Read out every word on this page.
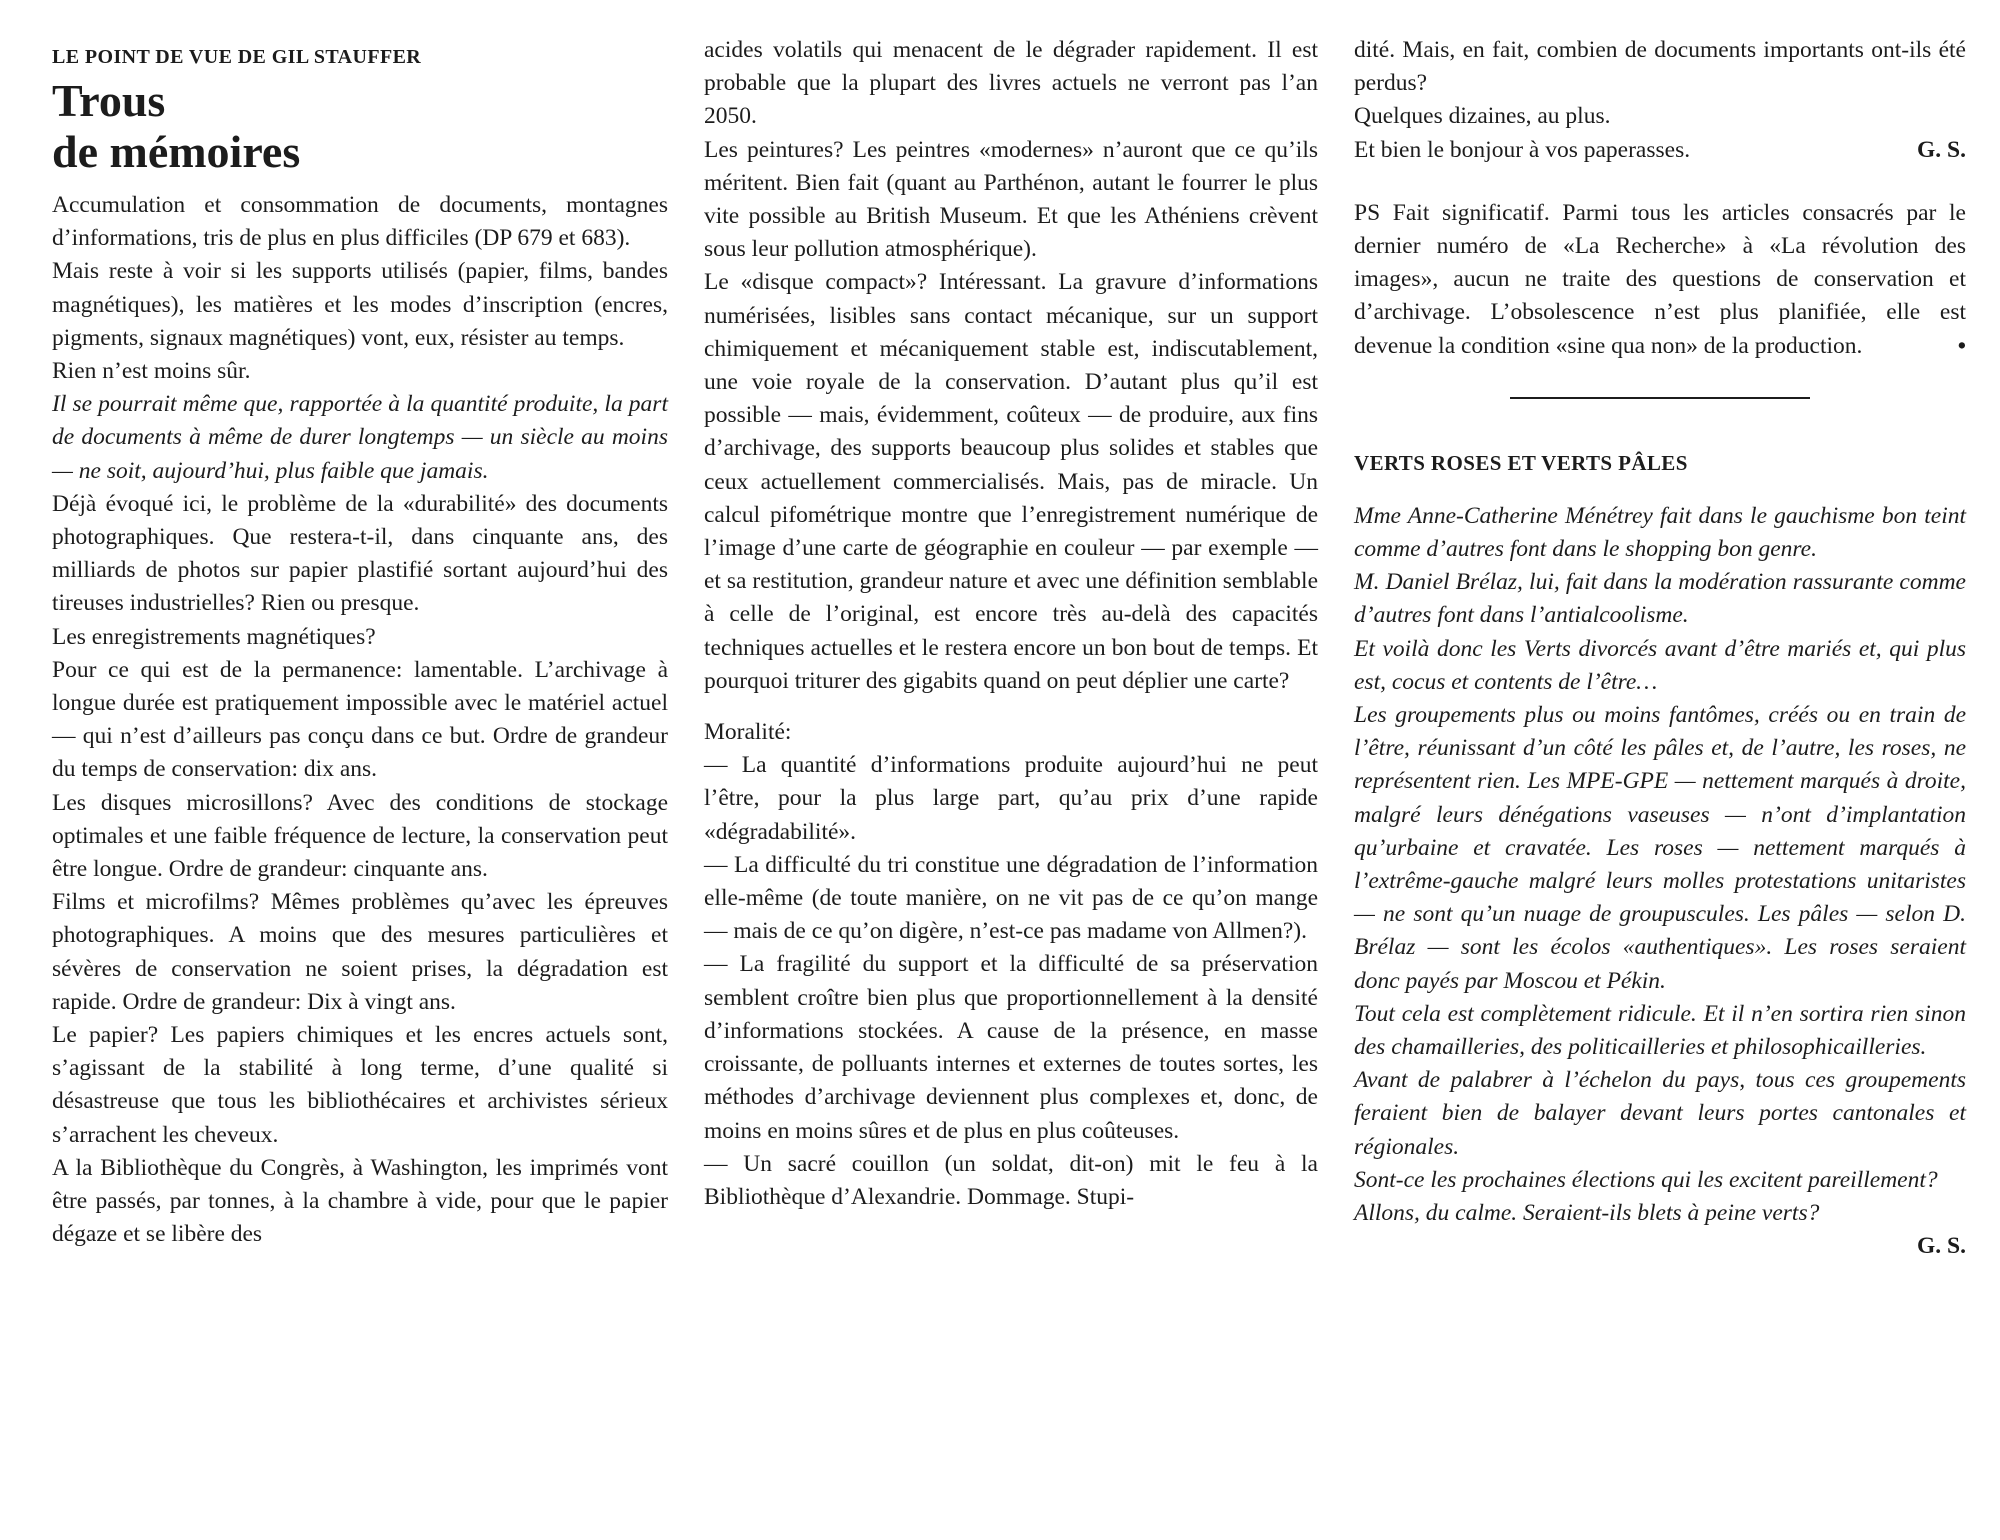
LE POINT DE VUE DE GIL STAUFFER
Trous
de mémoires

Accumulation et consommation de documents, montagnes d’informations, tris de plus en plus difficiles (DP 679 et 683).

Mais reste à voir si les supports utilisés (papier, films, bandes magnétiques), les matières et les modes d’inscription (encres, pigments, signaux magnétiques) vont, eux, résister au temps.

Rien n’est moins sûr.

Il se pourrait même que, rapportée à la quantité produite, la part de documents à même de durer longtemps — un siècle au moins — ne soit, aujourd’hui, plus faible que jamais.

Déjà évoqué ici, le problème de la «durabilité» des documents photographiques. Que restera-t-il, dans cinquante ans, des milliards de photos sur papier plastifié sortant aujourd’hui des tireuses industrielles? Rien ou presque.

Les enregistrements magnétiques?

Pour ce qui est de la permanence: lamentable. L’archivage à longue durée est pratiquement impossible avec le matériel actuel — qui n’est d’ailleurs pas conçu dans ce but. Ordre de grandeur du temps de conservation: dix ans.

Les disques microsillons? Avec des conditions de stockage optimales et une faible fréquence de lecture, la conservation peut être longue. Ordre de grandeur: cinquante ans.

Films et microfilms? Mêmes problèmes qu’avec les épreuves photographiques. A moins que des mesures particulières et sévères de conservation ne soient prises, la dégradation est rapide. Ordre de grandeur: Dix à vingt ans.

Le papier? Les papiers chimiques et les encres actuels sont, s’agissant de la stabilité à long terme, d’une qualité si désastreuse que tous les bibliothécaires et archivistes sérieux s’arrachent les cheveux.

A la Bibliothèque du Congrès, à Washington, les imprimés vont être passés, par tonnes, à la chambre à vide, pour que le papier dégaze et se libère des

acides volatils qui menacent de le dégrader rapidement. Il est probable que la plupart des livres actuels ne verront pas l’an 2050.

Les peintures? Les peintres «modernes» n’auront que ce qu’ils méritent. Bien fait (quant au Parthénon, autant le fourrer le plus vite possible au British Museum. Et que les Athéniens crèvent sous leur pollution atmosphérique).

Le «disque compact»? Intéressant. La gravure d’informations numérisées, lisibles sans contact mécanique, sur un support chimiquement et mécaniquement stable est, indiscutablement, une voie royale de la conservation. D’autant plus qu’il est possible — mais, évidemment, coûteux — de produire, aux fins d’archivage, des supports beaucoup plus solides et stables que ceux actuellement commercialisés. Mais, pas de miracle. Un calcul pifométrique montre que l’enregistrement numérique de l’image d’une carte de géographie en couleur — par exemple — et sa restitution, grandeur nature et avec une définition semblable à celle de l’original, est encore très au-delà des capacités techniques actuelles et le restera encore un bon bout de temps. Et pourquoi triturer des gigabits quand on peut déplier une carte?

Moralité:

— La quantité d’informations produite aujourd’hui ne peut l’être, pour la plus large part, qu’au prix d’une rapide «dégradabilité».

— La difficulté du tri constitue une dégradation de l’information elle-même (de toute manière, on ne vit pas de ce qu’on mange — mais de ce qu’on digère, n’est-ce pas madame von Allmen?).

— La fragilité du support et la difficulté de sa préservation semblent croître bien plus que proportionnellement à la densité d’informations stockées. A cause de la présence, en masse croissante, de polluants internes et externes de toutes sortes, les méthodes d’archivage deviennent plus complexes et, donc, de moins en moins sûres et de plus en plus coûteuses.

— Un sacré couillon (un soldat, dit-on) mit le feu à la Bibliothèque d’Alexandrie. Dommage. Stupi-

dité. Mais, en fait, combien de documents importants ont-ils été perdus?

Quelques dizaines, au plus.

Et bien le bonjour à vos paperasses.	G. S.

PS Fait significatif. Parmi tous les articles consacrés par le dernier numéro de «La Recherche» à «La révolution des images», aucun ne traite des questions de conservation et d’archivage. L’obsolescence n’est plus planifiée, elle est devenue la condition «sine qua non» de la production.	•

VERTS ROSES ET VERTS PÂLES

Mme Anne-Catherine Ménétrey fait dans le gauchisme bon teint comme d’autres font dans le shopping bon genre.

M. Daniel Brélaz, lui, fait dans la modération rassurante comme d’autres font dans l’antialcoolisme.

Et voilà donc les Verts divorcés avant d’être mariés et, qui plus est, cocus et contents de l’être…

Les groupements plus ou moins fantômes, créés ou en train de l’être, réunissant d’un côté les pâles et, de l’autre, les roses, ne représentent rien. Les MPE-GPE — nettement marqués à droite, malgré leurs dénégations vaseuses — n’ont d’implantation qu’urbaine et cravatée. Les roses — nettement marqués à l’extrême-gauche malgré leurs molles protestations unitaristes — ne sont qu’un nuage de groupuscules. Les pâles — selon D. Brélaz — sont les écolos «authentiques». Les roses seraient donc payés par Moscou et Pékin.

Tout cela est complètement ridicule. Et il n’en sortira rien sinon des chamailleries, des politicailleries et philosophicailleries.

Avant de palabrer à l’échelon du pays, tous ces groupements feraient bien de balayer devant leurs portes cantonales et régionales.

Sont-ce les prochaines élections qui les excitent pareillement?

Allons, du calme. Seraient-ils blets à peine verts?

G. S.
